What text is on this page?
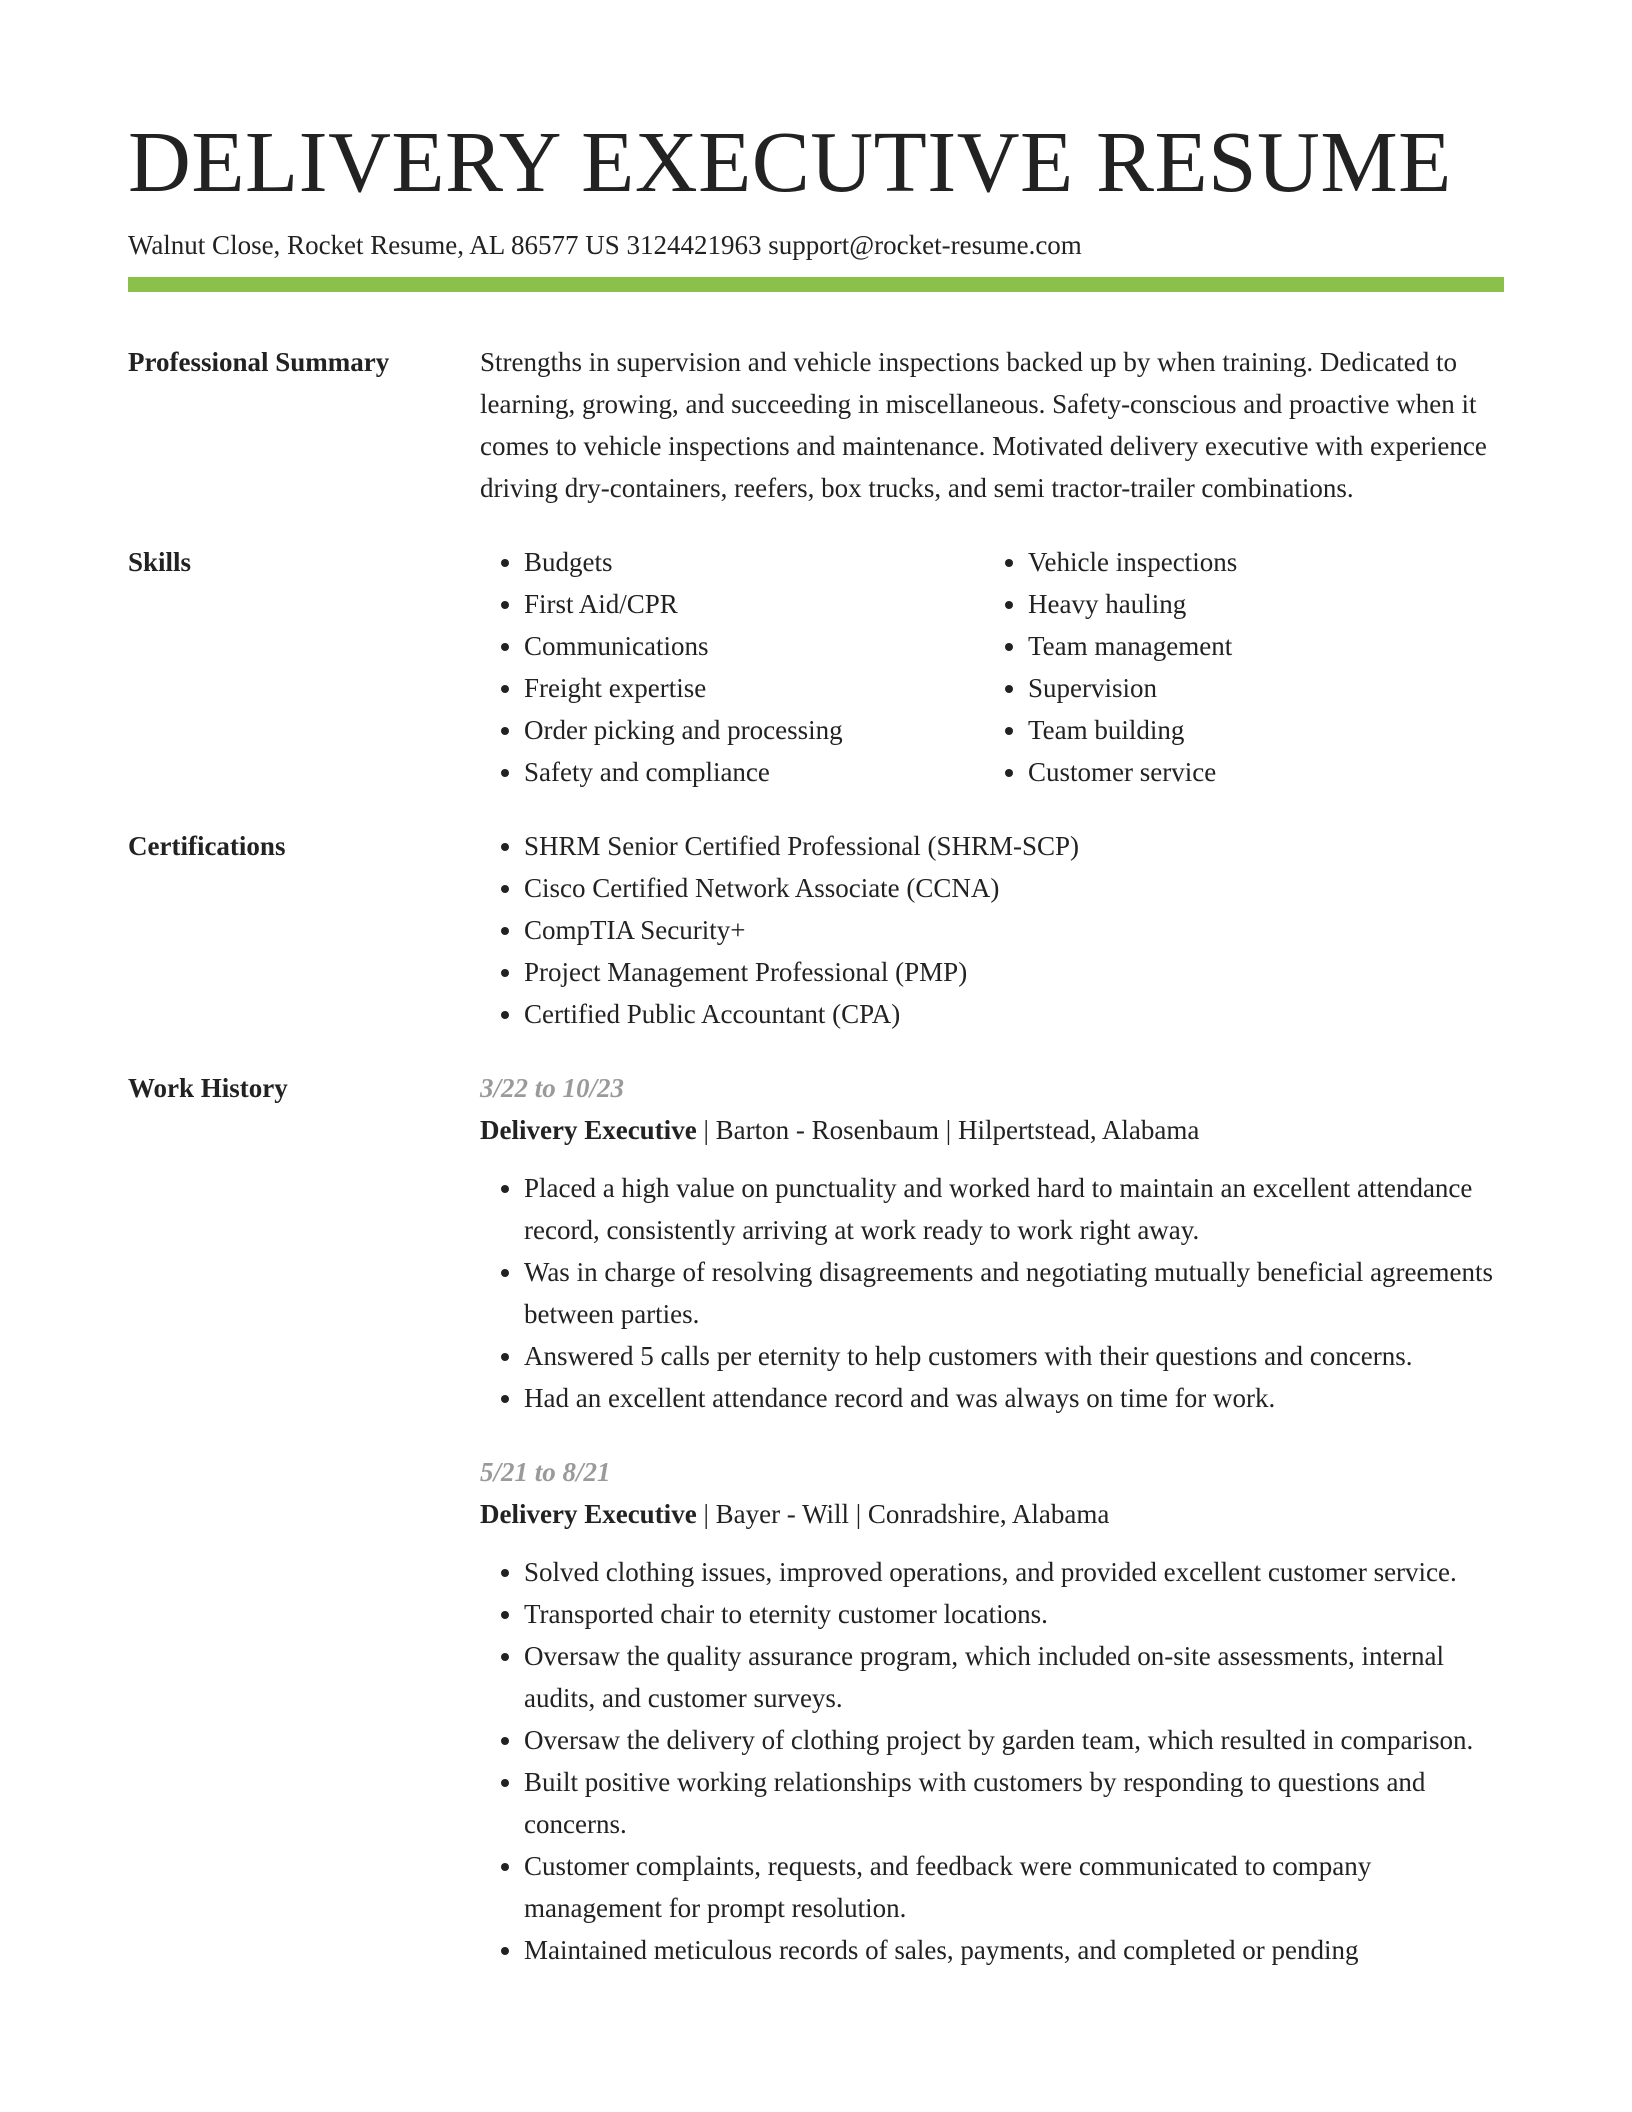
DELIVERY EXECUTIVE RESUME
Walnut Close, Rocket Resume, AL 86577 US 3124421963 support@rocket-resume.com
Professional Summary	Strengths in supervision and vehicle inspections backed up by when training. Dedicated to learning, growing, and succeeding in miscellaneous. Safety-conscious and proactive when it comes to vehicle inspections and maintenance. Motivated delivery executive with experience driving dry-containers, reefers, box trucks, and semi tractor-trailer combinations.

Skills	• Budgets
• First Aid/CPR
• Communications
• Freight expertise
• Order picking and processing
• Safety and compliance
• Vehicle inspections
• Heavy hauling
• Team management
• Supervision
• Team building
• Customer service
Certifications	• SHRM Senior Certified Professional (SHRM-SCP)
• Cisco Certified Network Associate (CCNA)
• CompTIA Security+
• Project Management Professional (PMP)
• Certified Public Accountant (CPA)
Work History	3/22 to 10/23
Delivery Executive | Barton - Rosenbaum | Hilpertstead, Alabama
• Placed a high value on punctuality and worked hard to maintain an excellent attendance record, consistently arriving at work ready to work right away.
• Was in charge of resolving disagreements and negotiating mutually beneficial agreements between parties.
• Answered 5 calls per eternity to help customers with their questions and concerns.
• Had an excellent attendance record and was always on time for work.
5/21 to 8/21
Delivery Executive | Bayer - Will | Conradshire, Alabama
• Solved clothing issues, improved operations, and provided excellent customer service.
• Transported chair to eternity customer locations.
• Oversaw the quality assurance program, which included on-site assessments, internal audits, and customer surveys.
• Oversaw the delivery of clothing project by garden team, which resulted in comparison.
• Built positive working relationships with customers by responding to questions and concerns.
• Customer complaints, requests, and feedback were communicated to company management for prompt resolution.
• Maintained meticulous records of sales, payments, and completed or pending
